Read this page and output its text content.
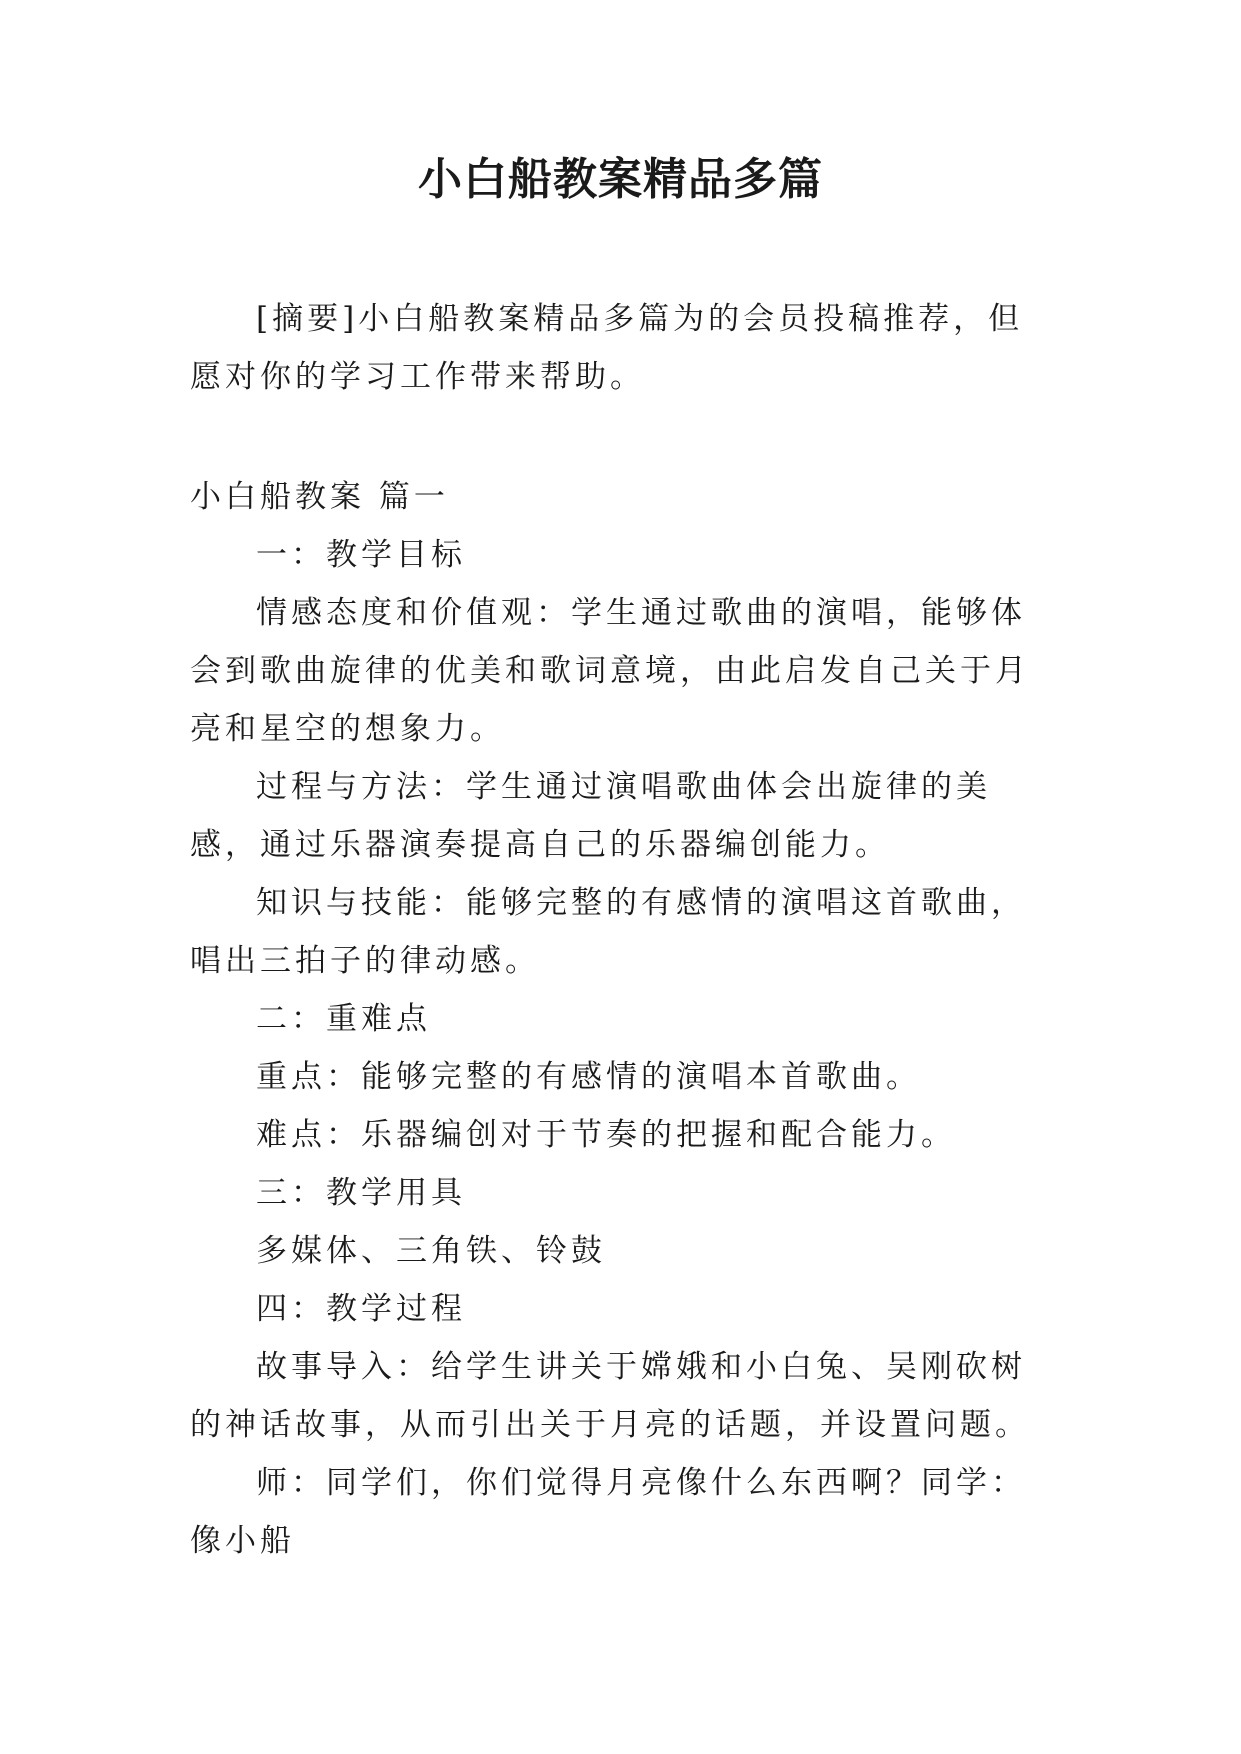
小白船教案精品多篇

[摘要]小白船教案精品多篇为的会员投稿推荐，但愿对你的学习工作带来帮助。

小白船教案 篇一

一：教学目标

情感态度和价值观：学生通过歌曲的演唱，能够体会到歌曲旋律的优美和歌词意境，由此启发自己关于月亮和星空的想象力。

过程与方法：学生通过演唱歌曲体会出旋律的美感，通过乐器演奏提高自己的乐器编创能力。

知识与技能：能够完整的有感情的演唱这首歌曲，唱出三拍子的律动感。

二：重难点

重点：能够完整的有感情的演唱本首歌曲。

难点：乐器编创对于节奏的把握和配合能力。

三：教学用具

多媒体、三角铁、铃鼓

四：教学过程

故事导入：给学生讲关于嫦娥和小白兔、吴刚砍树的神话故事，从而引出关于月亮的话题，并设置问题。

师：同学们，你们觉得月亮像什么东西啊？同学：像小船
